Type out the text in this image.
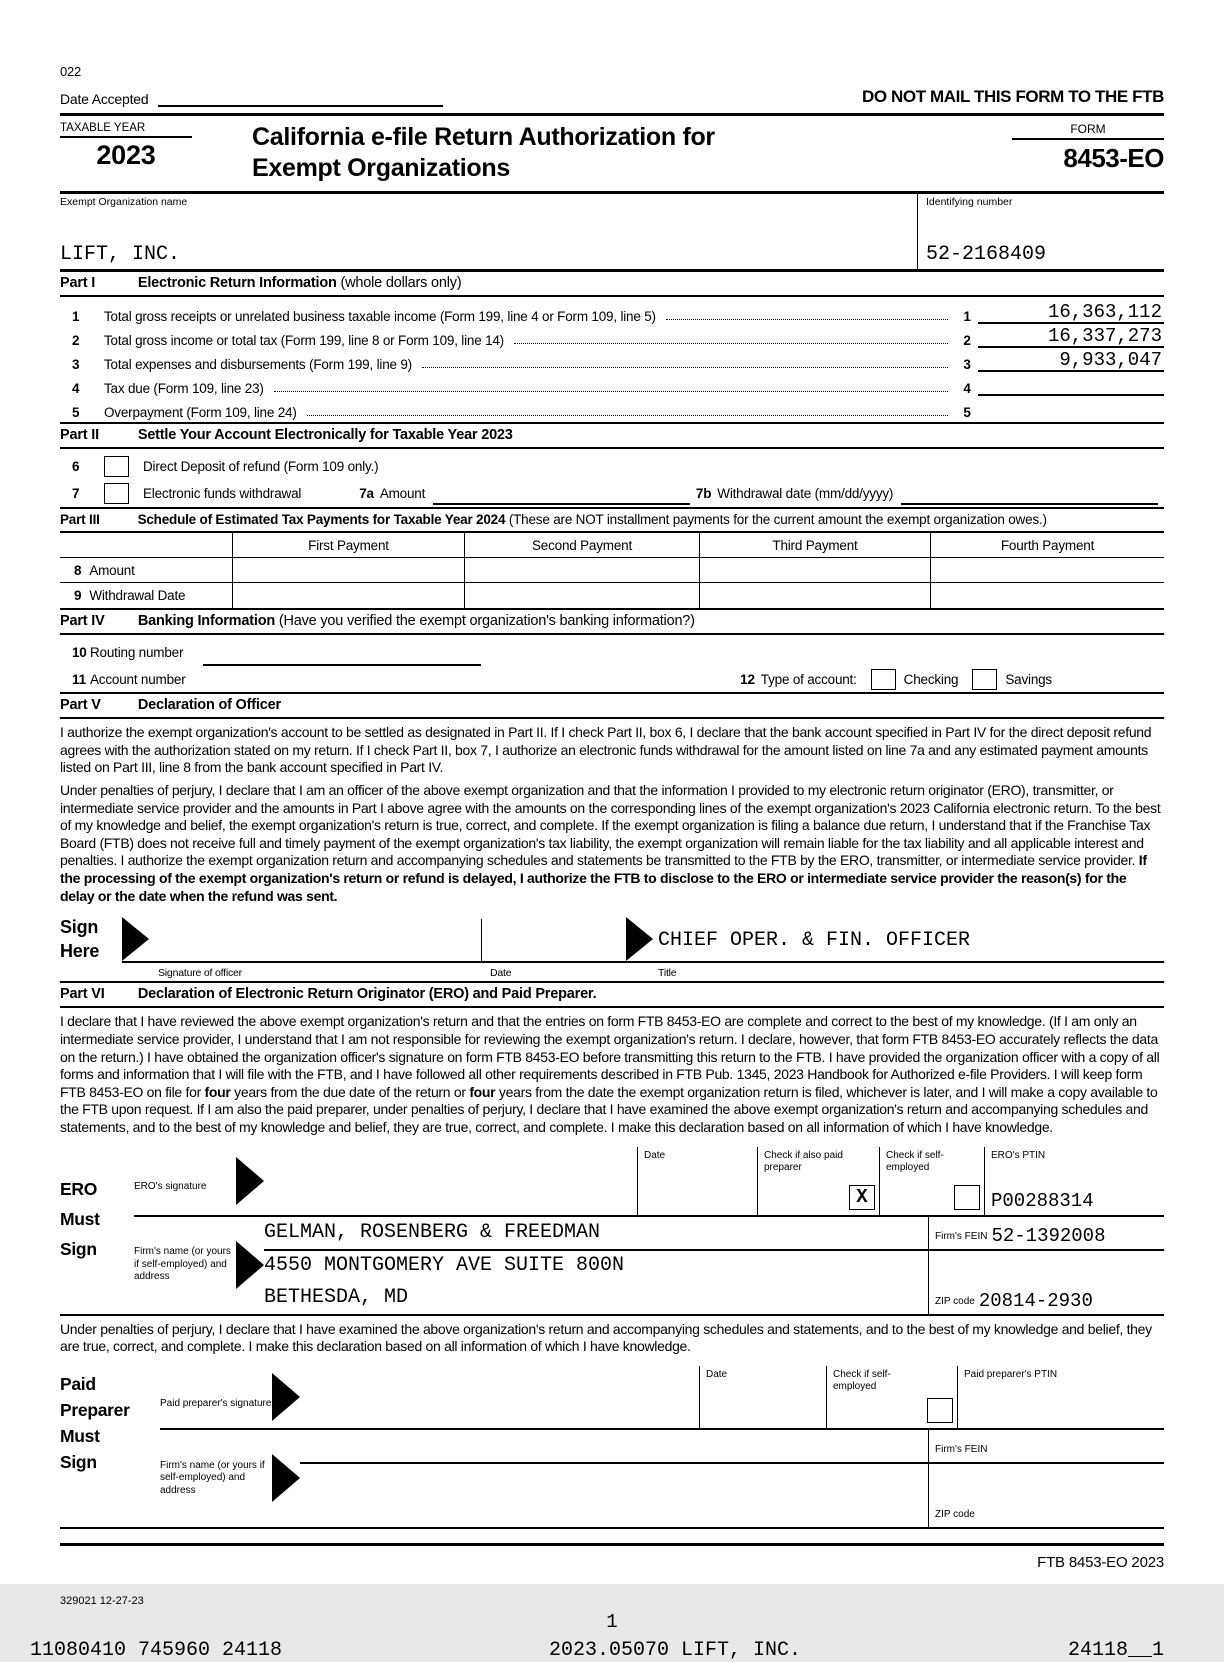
022
Date Accepted	DO NOT MAIL THIS FORM TO THE FTB
TAXABLE YEAR
2023
California e-file Return Authorization for
Exempt Organizations
FORM
8453-EO
Exempt Organization name
LIFT, INC.
Identifying number
52-2168409
Part I	Electronic Return Information (whole dollars only)
1	Total gross receipts or unrelated business taxable income (Form 199, line 4 or Form 109, line 5)	1	16,363,112
2	Total gross income or total tax (Form 199, line 8 or Form 109, line 14)	2	16,337,273
3	Total expenses and disbursements (Form 199, line 9)	3	9,933,047
4	Tax due (Form 109, line 23)	4
5	Overpayment (Form 109, line 24)	5
Part II	Settle Your Account Electronically for Taxable Year 2023
6	Direct Deposit of refund (Form 109 only.)
7	Electronic funds withdrawal	7a Amount	7b Withdrawal date (mm/dd/yyyy)
Part III	Schedule of Estimated Tax Payments for Taxable Year 2024 (These are NOT installment payments for the current amount the exempt organization owes.)
First Payment	Second Payment	Third Payment	Fourth Payment
8 Amount
9 Withdrawal Date
Part IV Banking Information (Have you verified the exempt organization's banking information?)
10 Routing number
11 Account number	12 Type of account:	Checking	Savings
Part V	Declaration of Officer

I authorize the exempt organization's account to be settled as designated in Part II. If I check Part II, box 6, I declare that the bank account specified in Part IV for the direct deposit refund agrees with the authorization stated on my return. If I check Part II, box 7, I authorize an electronic funds withdrawal for the amount listed on line 7a and any estimated payment amounts listed on Part III, line 8 from the bank account specified in Part IV.

Under penalties of perjury, I declare that I am an officer of the above exempt organization and that the information I provided to my electronic return originator (ERO), transmitter, or intermediate service provider and the amounts in Part I above agree with the amounts on the corresponding lines of the exempt organization's 2023 California electronic return. To the best of my knowledge and belief, the exempt organization's return is true, correct, and complete. If the exempt organization is filing a balance due return, I understand that if the Franchise Tax Board (FTB) does not receive full and timely payment of the exempt organization's tax liability, the exempt organization will remain liable for the tax liability and all applicable interest and penalties. I authorize the exempt organization return and accompanying schedules and statements be transmitted to the FTB by the ERO, transmitter, or intermediate service provider. If the processing of the exempt organization's return or refund is delayed, I authorize the FTB to disclose to the ERO or intermediate service provider the reason(s) for the delay or the date when the refund was sent.

Sign
Here
Signature of officer	Date
CHIEF OPER. & FIN. OFFICER
Title
Part VI Declaration of Electronic Return Originator (ERO) and Paid Preparer.

I declare that I have reviewed the above exempt organization's return and that the entries on form FTB 8453-EO are complete and correct to the best of my knowledge. (If I am only an intermediate service provider, I understand that I am not responsible for reviewing the exempt organization's return. I declare, however, that form FTB 8453-EO accurately reflects the data on the return.) I have obtained the organization officer's signature on form FTB 8453-EO before transmitting this return to the FTB. I have provided the organization officer with a copy of all forms and information that I will file with the FTB, and I have followed all other requirements described in FTB Pub. 1345, 2023 Handbook for Authorized e-file Providers. I will keep form FTB 8453-EO on file for four years from the due date of the return or four years from the date the exempt organization return is filed, whichever is later, and I will make a copy available to the FTB upon request. If I am also the paid preparer, under penalties of perjury, I declare that I have examined the above exempt organization's return and accompanying schedules and statements, and to the best of my knowledge and belief, they are true, correct, and complete. I make this declaration based on all information of which I have knowledge.

ERO
Must
Sign
ERO's signature
Date	Check if also paid preparer
X
Check if self-employed
ERO's PTIN
P00288314
Firm's name (or yours if self-employed) and address
GELMAN, ROSENBERG & FREEDMAN	Firm's FEIN 52-1392008
4550 MONTGOMERY AVE SUITE 800N
BETHESDA, MD	ZIP code 20814-2930

Under penalties of perjury, I declare that I have examined the above organization's return and accompanying schedules and statements, and to the best of my knowledge and belief, they are true, correct, and complete. I make this declaration based on all information of which I have knowledge.

Paid
Preparer
Must
Sign
Paid preparer's signature
Date	Check if self-employed
Paid preparer's PTIN
Firm's name (or yours if self-employed) and address
Firm's FEIN
ZIP code
FTB 8453-EO 2023
329021 12-27-23
1
11080410 745960 24118	2023.05070 LIFT, INC.	24118__1
